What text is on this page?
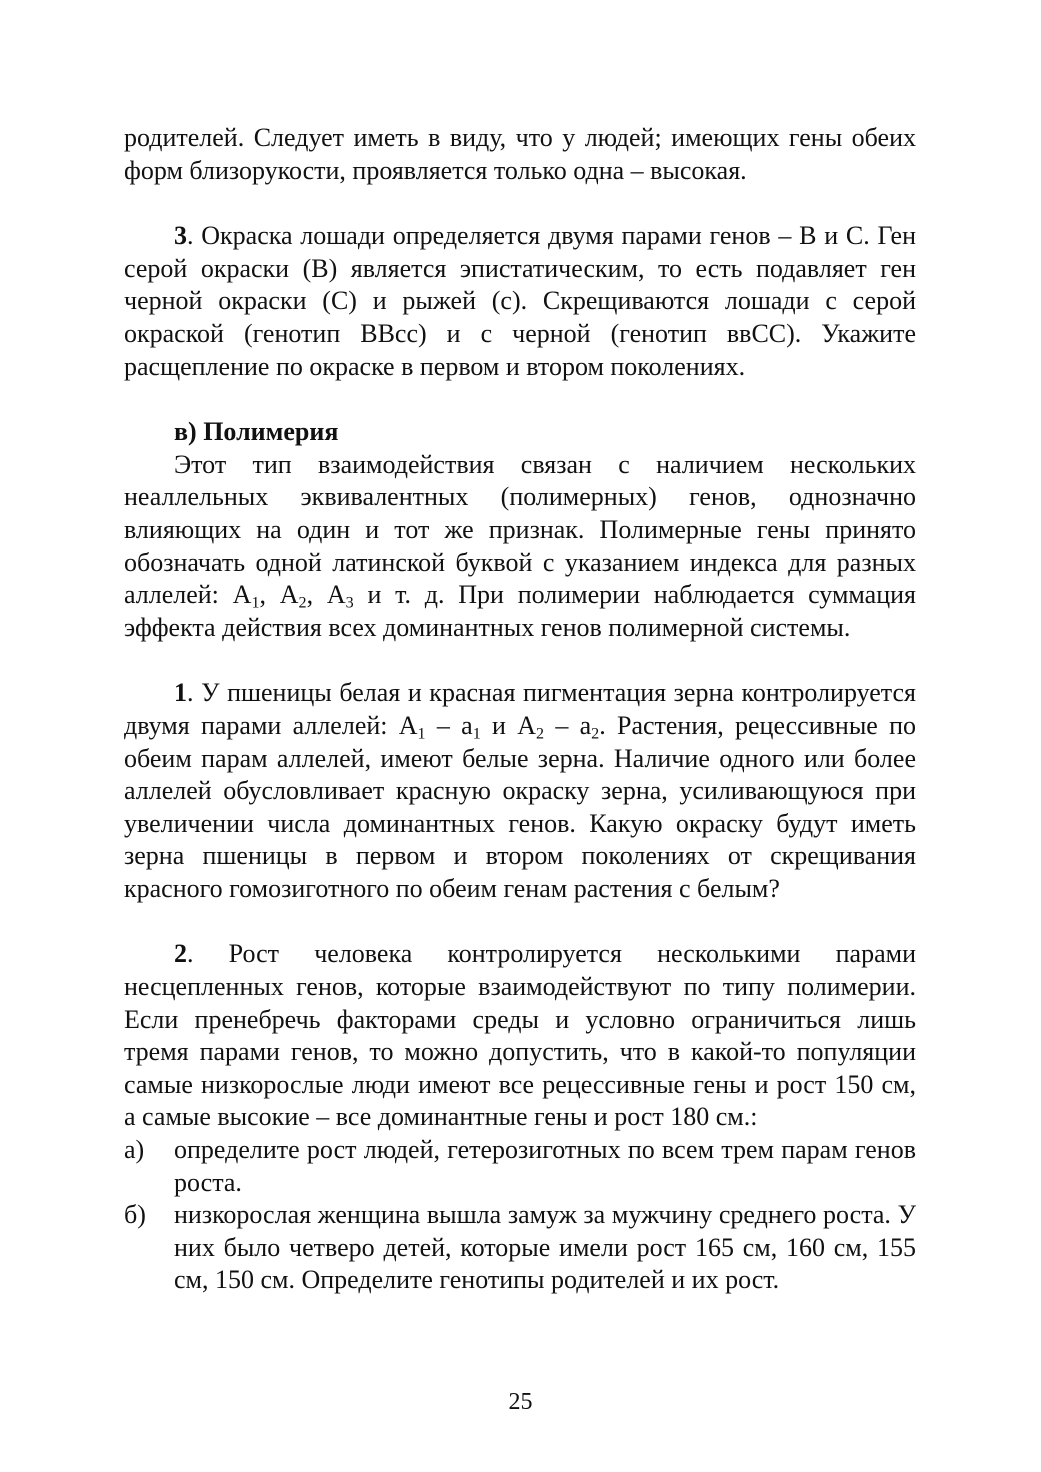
родителей. Следует иметь в виду, что у людей; имеющих гены обеих форм близорукости, проявляется только одна – высокая.

3. Окраска лошади определяется двумя парами генов – В и С. Ген серой окраски (В) является эпистатическим, то есть подавляет ген черной окраски (С) и рыжей (с). Скрещиваются лошади с серой окраской (генотип ВВсс) и с черной (генотип ввСС). Укажите расщепление по окраске в первом и втором поколениях.

в) Полимерия

Этот тип взаимодействия связан с наличием нескольких неаллельных эквивалентных (полимерных) генов, однозначно влияющих на один и тот же признак. Полимерные гены принято обозначать одной латинской буквой с указанием индекса для разных аллелей: $А_1$, $А_2$, $А_3$ и т. д. При полимерии наблюдается суммация эффекта действия всех доминантных генов полимерной системы.

1. У пшеницы белая и красная пигментация зерна контролируется двумя парами аллелей: $А_1 - а_1$ и $А_2 - а_2$. Растения, рецессивные по обеим парам аллелей, имеют белые зерна. Наличие одного или более аллелей обусловливает красную окраску зерна, усиливающуюся при увеличении числа доминантных генов. Какую окраску будут иметь зерна пшеницы в первом и втором поколениях от скрещивания красного гомозиготного по обеим генам растения с белым?

2. Рост человека контролируется несколькими парами несцепленных генов, которые взаимодействуют по типу полимерии. Если пренебречь факторами среды и условно ограничиться лишь тремя парами генов, то можно допустить, что в какой-то популяции самые низкорослые люди имеют все рецессивные гены и рост 150 см, а самые высокие – все доминантные гены и рост 180 см.:

а)	определите рост людей, гетерозиготных по всем трем парам генов роста.
б)	низкорослая женщина вышла замуж за мужчину среднего роста. У них было четверо детей, которые имели рост 165 см, 160 см, 155 см, 150 см. Определите генотипы родителей и их рост.
25
